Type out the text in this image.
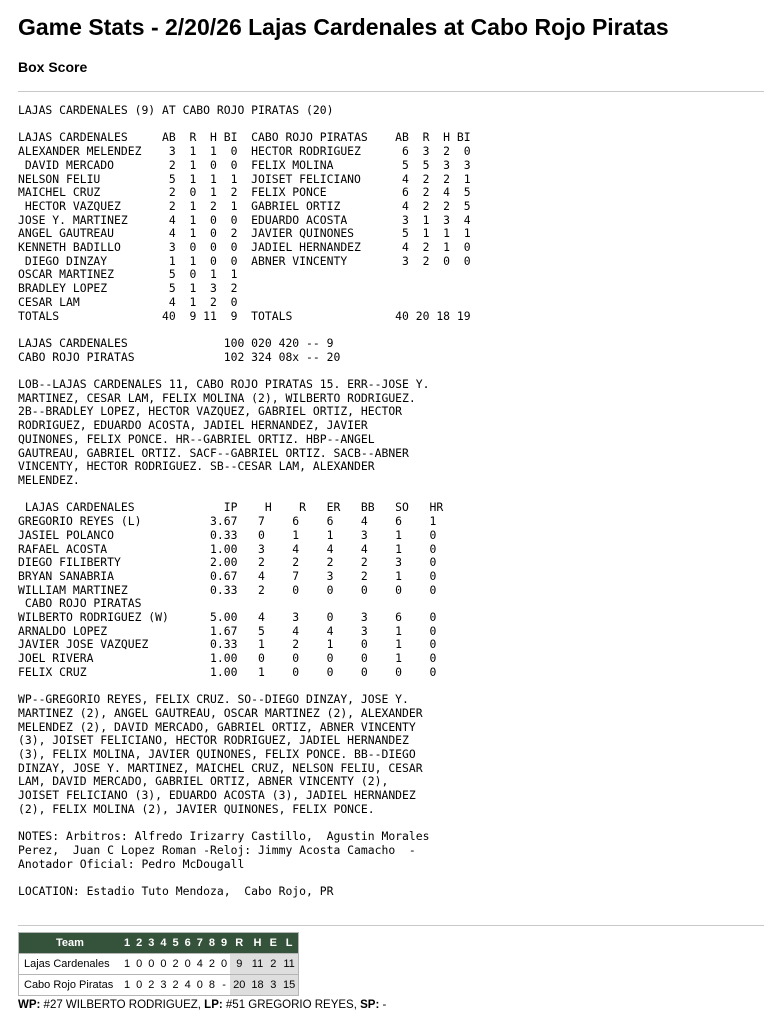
Game Stats - 2/20/26 Lajas Cardenales at Cabo Rojo Piratas
Box Score
LAJAS CARDENALES (9) AT CABO ROJO PIRATAS (20)

LAJAS CARDENALES     AB  R  H BI  CABO ROJO PIRATAS    AB  R  H BI
ALEXANDER MELENDEZ    3  1  1  0  HECTOR RODRIGUEZ      6  3  2  0
DAVID MERCADO        2  1  0  0  FELIX MOLINA          5  5  3  3
NELSON FELIU          5  1  1  1  JOISET FELICIANO      4  2  2  1
MAICHEL CRUZ          2  0  1  2  FELIX PONCE           6  2  4  5
HECTOR VAZQUEZ       2  1  2  1  GABRIEL ORTIZ         4  2  2  5
JOSE Y. MARTINEZ      4  1  0  0  EDUARDO ACOSTA        3  1  3  4
ANGEL GAUTREAU        4  1  0  2  JAVIER QUINONES       5  1  1  1
KENNETH BADILLO       3  0  0  0  JADIEL HERNANDEZ      4  2  1  0
DIEGO DINZAY         1  1  0  0  ABNER VINCENTY        3  2  0  0
OSCAR MARTINEZ        5  0  1  1
BRADLEY LOPEZ         5  1  3  2
CESAR LAM             4  1  2  0
TOTALS               40  9 11  9  TOTALS               40 20 18 19

LAJAS CARDENALES              100 020 420 -- 9
CABO ROJO PIRATAS             102 324 08x -- 20

LOB--LAJAS CARDENALES 11, CABO ROJO PIRATAS 15. ERR--JOSE Y.
MARTINEZ, CESAR LAM, FELIX MOLINA (2), WILBERTO RODRIGUEZ.
2B--BRADLEY LOPEZ, HECTOR VAZQUEZ, GABRIEL ORTIZ, HECTOR
RODRIGUEZ, EDUARDO ACOSTA, JADIEL HERNANDEZ, JAVIER
QUINONES, FELIX PONCE. HR--GABRIEL ORTIZ. HBP--ANGEL
GAUTREAU, GABRIEL ORTIZ. SACF--GABRIEL ORTIZ. SACB--ABNER
VINCENTY, HECTOR RODRIGUEZ. SB--CESAR LAM, ALEXANDER
MELENDEZ.

LAJAS CARDENALES             IP    H    R   ER   BB   SO   HR
GREGORIO REYES (L)          3.67   7    6    6    4    6    1
JASIEL POLANCO              0.33   0    1    1    3    1    0
RAFAEL ACOSTA               1.00   3    4    4    4    1    0
DIEGO FILIBERTY             2.00   2    2    2    2    3    0
BRYAN SANABRIA              0.67   4    7    3    2    1    0
WILLIAM MARTINEZ            0.33   2    0    0    0    0    0
CABO ROJO PIRATAS
WILBERTO RODRIGUEZ (W)      5.00   4    3    0    3    6    0
ARNALDO LOPEZ               1.67   5    4    4    3    1    0
JAVIER JOSE VAZQUEZ         0.33   1    2    1    0    1    0
JOEL RIVERA                 1.00   0    0    0    0    1    0
FELIX CRUZ                  1.00   1    0    0    0    0    0

WP--GREGORIO REYES, FELIX CRUZ. SO--DIEGO DINZAY, JOSE Y.
MARTINEZ (2), ANGEL GAUTREAU, OSCAR MARTINEZ (2), ALEXANDER
MELENDEZ (2), DAVID MERCADO, GABRIEL ORTIZ, ABNER VINCENTY
(3), JOISET FELICIANO, HECTOR RODRIGUEZ, JADIEL HERNANDEZ
(3), FELIX MOLINA, JAVIER QUINONES, FELIX PONCE. BB--DIEGO
DINZAY, JOSE Y. MARTINEZ, MAICHEL CRUZ, NELSON FELIU, CESAR
LAM, DAVID MERCADO, GABRIEL ORTIZ, ABNER VINCENTY (2),
JOISET FELICIANO (3), EDUARDO ACOSTA (3), JADIEL HERNANDEZ
(2), FELIX MOLINA (2), JAVIER QUINONES, FELIX PONCE.

NOTES: Arbitros: Alfredo Irizarry Castillo,  Agustin Morales
Perez,  Juan C Lopez Roman -Reloj: Jimmy Acosta Camacho  -
Anotador Oficial: Pedro McDougall

LOCATION: Estadio Tuto Mendoza,  Cabo Rojo, PR
Team	1	2	3	4	5	6	7	8	9	R	H	E	L
Lajas Cardenales	1	0	0	0	2	0	4	2	0	9	11	2	11
Cabo Rojo Piratas	1	0	2	3	2	4	0	8	-	20	18	3	15
WP: #27 WILBERTO RODRIGUEZ, LP: #51 GREGORIO REYES, SP: -
